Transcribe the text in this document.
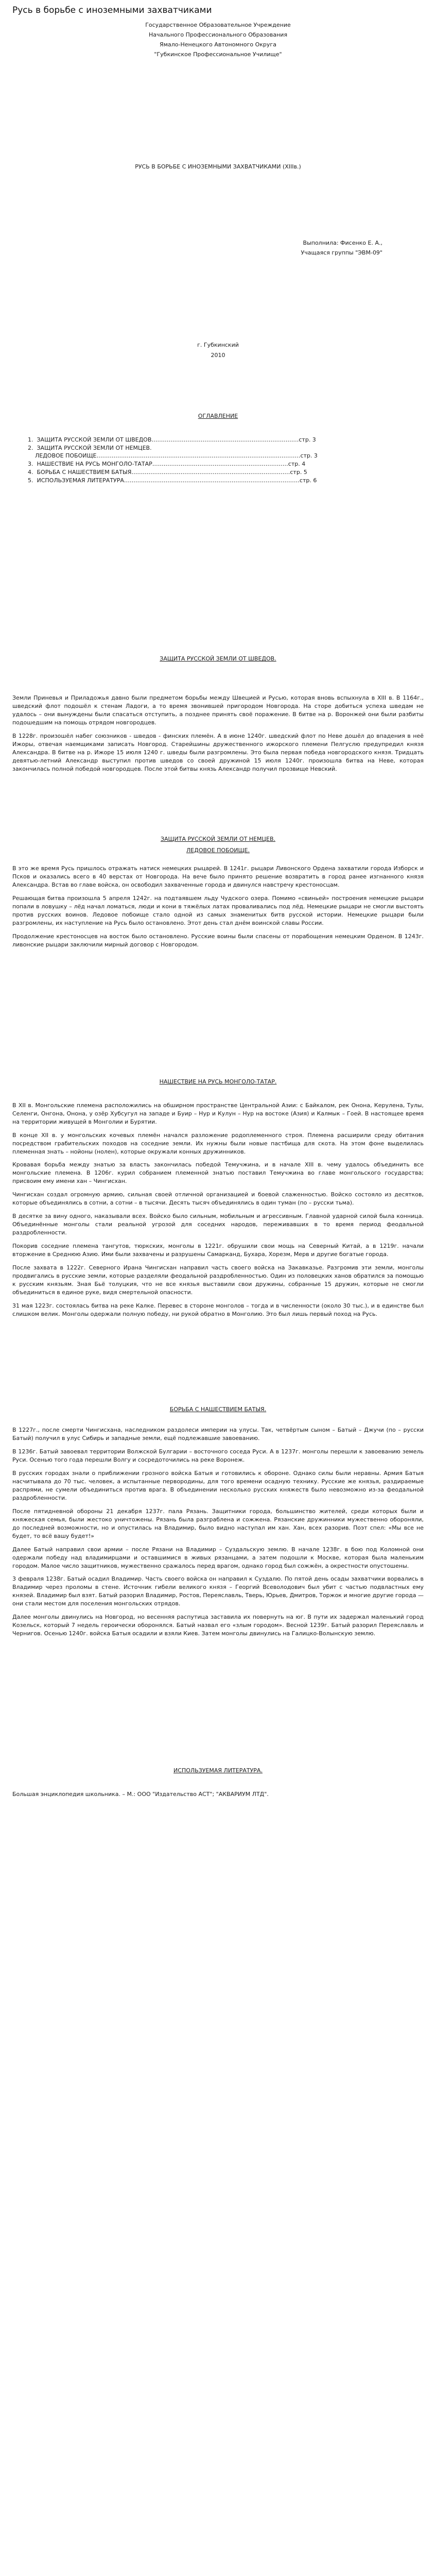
Русь в борьбе с иноземными захватчиками
Государственное Образовательное Учреждение
Начального Профессионального Образования
Ямало-Ненецкого Автономного Округа
"Губкинское Профессиональное Училище"
РУСЬ В БОРЬБЕ С ИНОЗЕМНЫМИ ЗАХВАТЧИКАМИ (XIIIв.)
Выполнила: Фисенко Е. А.,
Учащаяся группы "ЭВМ-09"
г. Губкинский
2010
ОГЛАВЛЕНИЕ
1.  ЗАЩИТА РУССКОЙ ЗЕМЛИ ОТ ШВЕДОВ……………………………………………………………………стр. 3
2.  ЗАЩИТА РУССКОЙ ЗЕМЛИ ОТ НЕМЦЕВ.
ЛЕДОВОЕ ПОБОИЩЕ………………………………………………………………………………………………стр. 3
3.  НАШЕСТВИЕ НА РУСЬ МОНГОЛО-ТАТАР………………………………………………………………стр. 4
4.  БОРЬБА С НАШЕСТВИЕМ БАТЫЯ…………………………………………………………………………стр. 5
5.  ИСПОЛЬЗУЕМАЯ ЛИТЕРАТУРА…………………………………………………………………………………стр. 6
ЗАЩИТА РУССКОЙ ЗЕМЛИ ОТ ШВЕДОВ.

Земли Приневья и Приладожья давно были предметом борьбы между Швецией и Русью, которая вновь вспыхнула в XIII в. В 1164г., шведский флот подошёл к стенам Ладоги, а то время звонившей пригородом Новгорода. На сторе добиться успеха шведам не удалось – они вынуждены были спасаться отступить, а позднее принять своё поражение. В битве на р. Воронжей они были разбиты подошедшим на помощь отрядом новгородцев.

В 1228г. произошёл набег союзников - шведов - финских племён. А в июне 1240г. шведский флот по Неве дошёл до впадения в неё Ижоры, отвечая наемщиками записать Новгород. Старейшины дружественного ижорского племени Пелгуслю предупредил князя Александра. В битве на р. Ижоре 15 июля 1240 г. шведы были разгромлены. Это была первая победа новгородского князя. Тридцать девятью-летний Александр выступил против шведов со своей дружиной 15 июля 1240г. произошла битва на Неве, которая закончилась полной победой новгородцев. После этой битвы князь Александр получил прозвище Невский.

ЗАЩИТА РУССКОЙ ЗЕМЛИ ОТ НЕМЦЕВ.
ЛЕДОВОЕ ПОБОИЩЕ.

В это же время Русь пришлось отражать натиск немецких рыцарей. В 1241г. рыцари Ливонского Ордена захватили города Изборск и Псков и оказались всего в 40 верстах от Новгорода. На вече было принято решение возвратить в город ранее изгнанного князя Александра. Встав во главе войска, он освободил захваченные города и двинулся навстречу крестоносцам.

Решающая битва произошла 5 апреля 1242г. на подтаявшем льду Чудского озера. Помимо «свиньей» построения немецкие рыцари попали в ловушку – лёд начал ломаться, люди и кони в тяжёлых латах проваливались под лёд. Немецкие рыцари не смогли выстоять против русских воинов. Ледовое побоище стало одной из самых знаменитых битв русской истории. Немецкие рыцари были разгромлены, их наступление на Русь было остановлено. Этот день стал днём воинской славы России.

Продолжение крестоносцев на восток было остановлено. Русские воины были спасены от порабощения немецким Орденом. В 1243г. ливонские рыцари заключили мирный договор с Новгородом.

НАШЕСТВИЕ НА РУСЬ МОНГОЛО-ТАТАР.

В XII в. Монгольские племена расположились на обширном пространстве Центральной Азии: с Байкалом, рек Онона, Керулена, Тулы, Селенги, Онгона, Онона, у озёр Хубсугул на западе и Буир – Нур и Кулун – Нур на востоке (Азия) и Калмык – Гоей. В настоящее время на территории живущей в Монголии и Бурятии.

В конце XII в. у монгольских кочевых племён начался разложение родоплеменного строя. Племена расширили среду обитания посредством грабительских походов на соседние земли. Их нужны были новые пастбища для скота. На этом фоне выделилась племенная знать – нойоны (нолен), которые окружали конных дружинников.

Кровавая борьба между знатью за власть закончилась победой Темучжина, и в начале XIII в. чему удалось объединить все монгольские племена. В 1206г. курил собранием племенной знатью поставил Темучжина во главе монгольского государства; присвоим ему имени хан – Чингисхан.

Чингисхан создал огромную армию, сильная своей отличной организацией и боевой слаженностью. Войско состояло из десятков, которые объединялись в сотни, а сотни – в тысячи. Десять тысяч объединялись в один туман (по – русски тьма).

В десятке за вину одного, наказывали всех. Войско было сильным, мобильным и агрессивным. Главной ударной силой была конница. Объединённые монголы стали реальной угрозой для соседних народов, переживавших в то время период феодальной раздробленности.

Покорив соседние племена тангутов, тюркских, монголы в 1221г. обрушили свои мощь на Северный Китай, а в 1219г. начали вторжение в Среднюю Азию. Ими были захвачены и разрушены Самарканд, Бухара, Хорезм, Мерв и другие богатые города.

После захвата в 1222г. Северного Ирана Чингисхан направил часть своего войска на Закавказье. Разгромив эти земли, монголы продвигались в русские земли, которые разделяли феодальной раздробленностью. Один из половецких ханов обратился за помощью к русским князьям. Зная Бьё толуцкия, что не все князья выставили свои дружины, собранные 15 дружин, которые не смогли объединиться в единое руке, видя смертельной опасности.

31 мая 1223г. состоялась битва на реке Калке. Перевес в стороне монголов – тогда и в численности (около 30 тыс.), и в единстве был слишком велик. Монголы одержали полную победу, ни рукой обратно в Монголию. Это был лишь первый поход на Русь.

БОРЬБА С НАШЕСТВИЕМ БАТЫЯ.

В 1227г., после смерти Чингисхана, наследником раздолеси империи на улусы. Так, четвёртым сыном – Батый – Джучи (по – русски Батый) получил в улус Сибирь и западные земли, ещё подлежавшие завоеванию.

В 1236г. Батый завоевал территории Волжской Булгарии – восточного соседа Руси. А в 1237г. монголы перешли к завоеванию земель Руси. Осенью того года перешли Волгу и сосредоточились на реке Воронеж.

В русских городах знали о приближении грозного войска Батыя и готовились к обороне. Однако силы были неравны. Армия Батыя насчитывала до 70 тыс. человек, а испытанные первородины, для того времени осадную технику. Русские же князья, раздираемые распрями, не сумели объединиться против врага. В объединении несколько русских княжеств было невозможно из-за феодальной раздробленности.

После пятидневной обороны 21 декабря 1237г. пала Рязань. Защитники города, большинство жителей, среди которых были и княжеская семья, были жестоко уничтожены. Рязань была разграблена и сожжена. Рязанские дружинники мужественно обороняли, до последней возможности, но и опустилась на Владимир, было видно наступал им хан. Хан, всех разорив. Поэт спел: «Мы все не будет, то всё вашу будет!»

Далее Батый направил свои армии – после Рязани на Владимир – Суздальскую землю. В начале 1238г. в бою под Коломной они одержали победу над владимирцами и оставшимися в живых рязанцами, а затем подошли к Москве, которая была маленьким городом. Малое число защитников, мужественно сражалось перед врагом, однако город был сожжён, а окрестности опустошены.

3 февраля 1238г. Батый осадил Владимир. Часть своего войска он направил к Суздалю. По пятой день осады захватчики ворвались в Владимир через проломы в стене. Источник гибели великого князя – Георгий Всеволодович был убит с частью подвластных ему князей. Владимир был взят. Батый разорил Владимир, Ростов, Переяславль, Тверь, Юрьев, Дмитров, Торжок и многие другие города — они стали местом для поселения монгольских отрядов.

Далее монголы двинулись на Новгород, но весенняя распутица заставила их повернуть на юг. В пути их задержал маленький город Козельск, который 7 недель героически оборонялся. Батый назвал его «злым городом». Весной 1239г. Батый разорил Переяславль и Чернигов. Осенью 1240г. войска Батыя осадили и взяли Киев. Затем монголы двинулись на Галицко-Волынскую землю.

ИСПОЛЬЗУЕМАЯ ЛИТЕРАТУРА.

Большая энциклопедия школьника. – М.: ООО "Издательство АСТ"; "АКВАРИУМ ЛТД".
